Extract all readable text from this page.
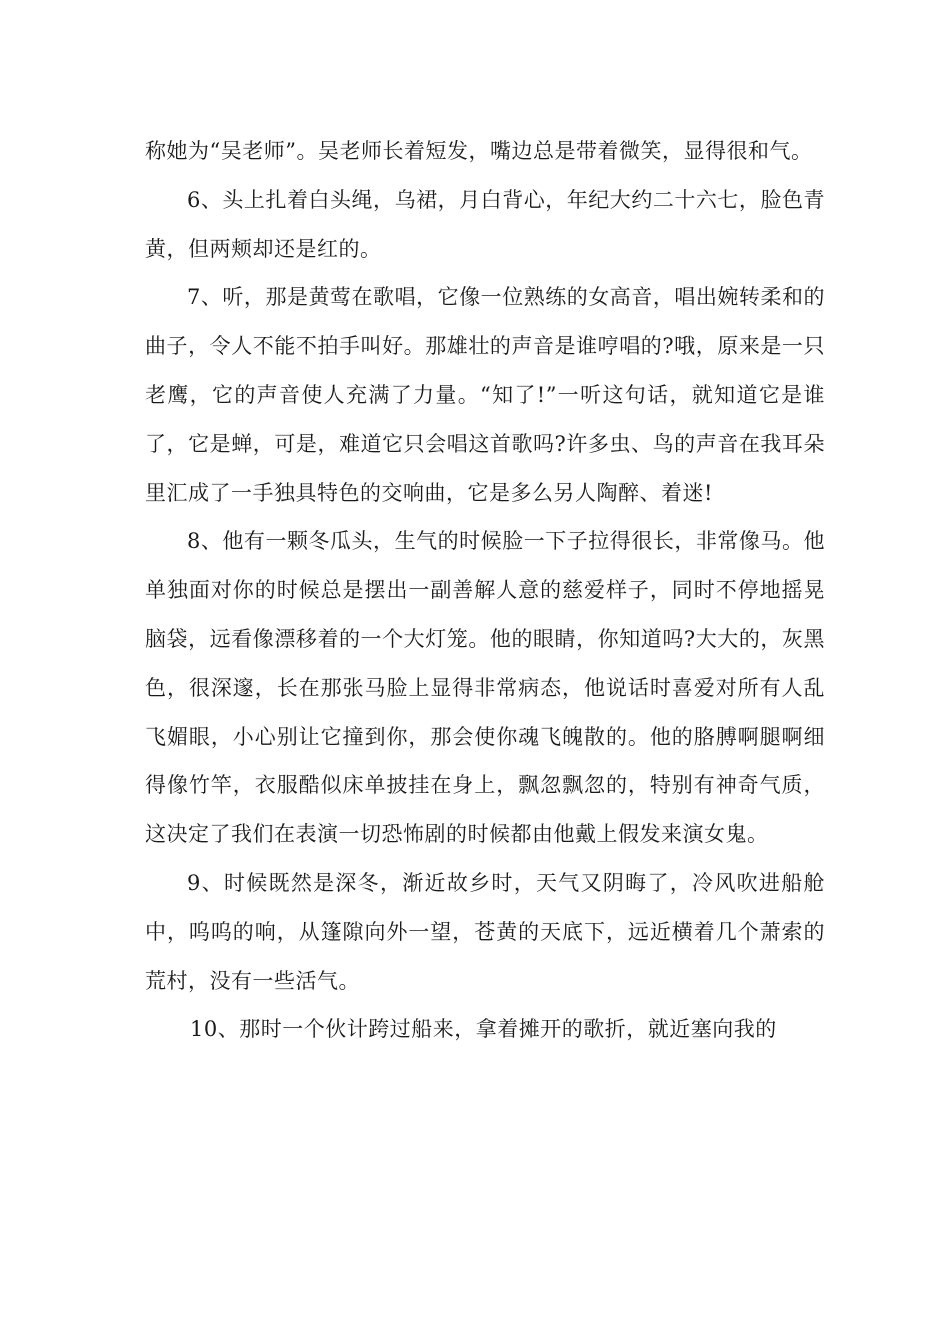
称她为“吴老师”。吴老师长着短发，嘴边总是带着微笑，显得很和气。

6、头上扎着白头绳，乌裙，月白背心，年纪大约二十六七，脸色青黄，但两颊却还是红的。

7、听，那是黄莺在歌唱，它像一位熟练的女高音，唱出婉转柔和的曲子，令人不能不拍手叫好。那雄壮的声音是谁哼唱的?哦，原来是一只老鹰，它的声音使人充满了力量。“知了!”一听这句话，就知道它是谁了，它是蝉，可是，难道它只会唱这首歌吗?许多虫、鸟的声音在我耳朵里汇成了一手独具特色的交响曲，它是多么另人陶醉、着迷!

8、他有一颗冬瓜头，生气的时候脸一下子拉得很长，非常像马。他单独面对你的时候总是摆出一副善解人意的慈爱样子，同时不停地摇晃脑袋，远看像漂移着的一个大灯笼。他的眼睛，你知道吗?大大的，灰黑色，很深邃，长在那张马脸上显得非常病态，他说话时喜爱对所有人乱飞媚眼，小心别让它撞到你，那会使你魂飞魄散的。他的胳膊啊腿啊细得像竹竿，衣服酷似床单披挂在身上，飘忽飘忽的，特别有神奇气质，这决定了我们在表演一切恐怖剧的时候都由他戴上假发来演女鬼。

9、时候既然是深冬，渐近故乡时，天气又阴晦了，冷风吹进船舱中，呜呜的响，从篷隙向外一望，苍黄的天底下，远近横着几个萧索的荒村，没有一些活气。

10、那时一个伙计跨过船来，拿着摊开的歌折，就近塞向我的
